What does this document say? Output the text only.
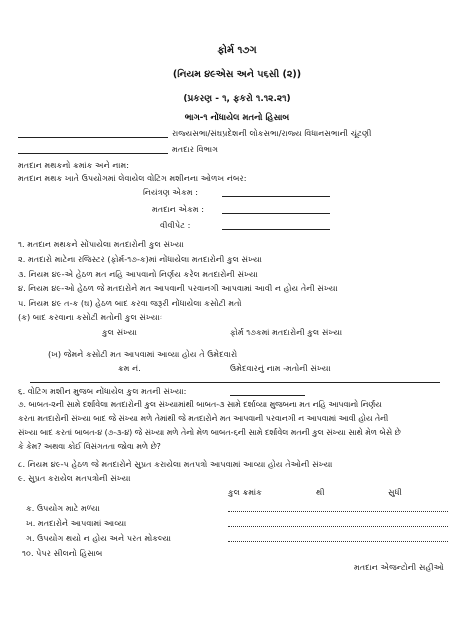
ફોર્મ ૧૭ગ
(નિયમ ૪૯એસ અને ૫૬સી (૨))
(પ્રકરણ - ૧, ફકરો ૧.૧૨.૨૧)
ભાગ-૧ નોંધાયેલ મતનો હિસાબ
રાજ્યસભા/સંઘપ્રદેશની લોકસભા/રાજ્ય વિધાનસભાની ચૂંટણી
મતદાર વિભાગ
મતદાન મથકનો ક્રમાંક અને નામ:
મતદાન મથક ખાતે ઉપયોગમાં લેવાયેલ વોટિંગ મશીનના ઓળખ નંબર:
નિયંત્રણ એકમ :
મતદાન એકમ :
વીવીપેટ :
૧. મતદાન મથકને સોંપાયેલા મતદારોની કુલ સંખ્યા
૨. મતદારો માટેના રજિસ્ટર (ફોર્મ-૧૭-ક)માં નોંધાયેલા મતદારોની કુલ સંખ્યા
૩. નિયમ ૪૯-એ હેઠળ મત નહિ આપવાનો નિર્ણય કરેલ મતદારોની સંખ્યા
૪. નિયમ ૪૯-ઓ હેઠળ જે મતદારોને મત આપવાની પરવાનગી આપવામાં આવી ન હોય તેની સંખ્યા
૫. નિયમ ૪૯ ત-ક (ઘ) હેઠળ બાદ કરવા જરૂરી નોંધાયેલા કસોટી મતો
(ક) બાદ કરવાના કસોટી મતોની કુલ સંખ્યાઃ
કુલ સંખ્યા	ફોર્મ ૧૭કમાં મતદારોની કુલ સંખ્યા
(ખ) જેમને કસોટી મત આપવામાં આવ્યા હોય તે ઉમેદવારો
ક્રમ નં.	ઉમેદવારનું નામ -મતોની સંખ્યા
૬. વોટિંગ મશીન મુજબ નોંધાયેલ કુલ મતની સંખ્યા:
૭. બાબત-૨ની સામે દર્શાવેલા મતદારોની કુલ સંખ્યામાંથી બાબત-૩ સામે દર્શાવ્યા મુજબના મત નહિ આપવાનો નિર્ણય
કરતા મતદારોની સંખ્યા બાદ જે સંખ્યા મળે તેમાંથી જે મતદારોને મત આપવાની પરવાનગી ન આપવામાં આવી હોય તેની
સંખ્યા બાદ કરતાં બાબત-૪ (૭-૩-૪) જે સંખ્યા મળે તેનો મેળ બાબત-૬ની સામે દર્શાવેલ મતની કુલ સંખ્યા સાથે મેળ બેસે છે
કે કેમ? અથવા કોઈ વિસંગતતા જોવા મળે છે?
૮. નિયમ ૪૯-પ હેઠળ જે મતદારોને સુપ્રત કરાયેલા મતપત્રો આપવામાં આવ્યા હોય તેઓની સંખ્યા
૯. સુપ્રત કરાયેલ મતપત્રોની સંખ્યા
કુલ ક્રમાંક	થી	સુધી
ક. ઉપયોગ માટે મળ્યા
ખ. મતદારોને આપવામાં આવ્યા
ગ. ઉપયોગ થયો ન હોય અને પરત મોકલ્યા
૧૦. પેપર સીલનો હિસાબ
મતદાન એજન્ટોની સહીઓ
